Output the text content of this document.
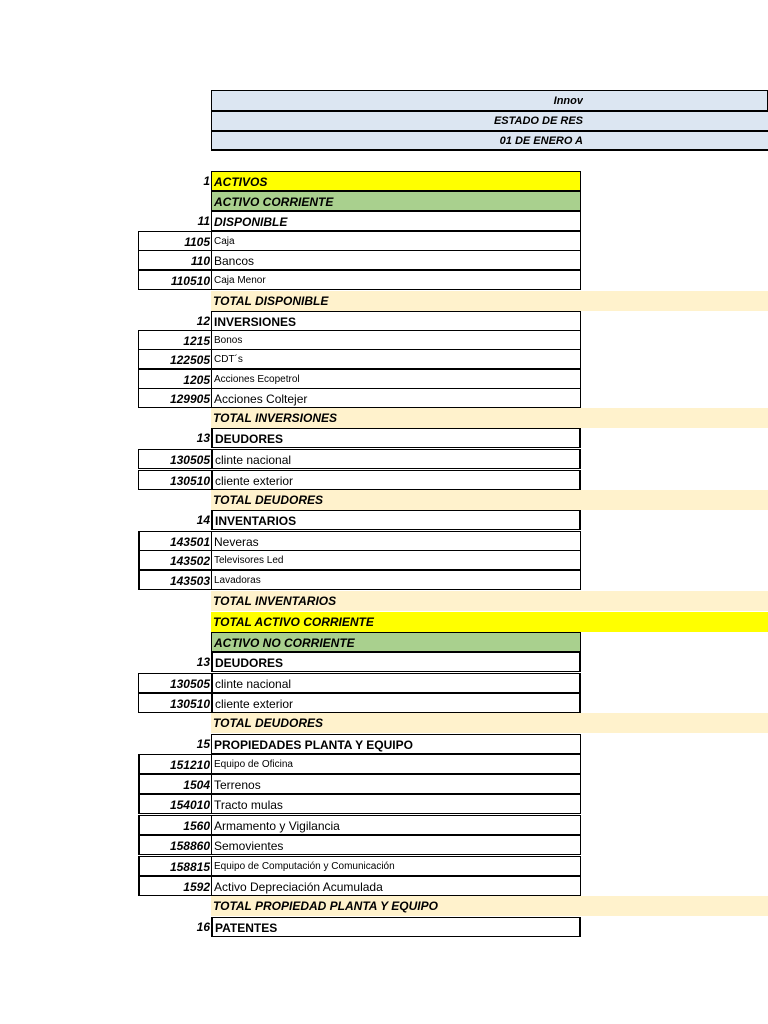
Innov
ESTADO DE RES
01 DE ENERO A
1 ACTIVOS
ACTIVO CORRIENTE
11 DISPONIBLE
1105 Caja
110 Bancos
110510 Caja Menor
TOTAL DISPONIBLE
12 INVERSIONES
1215 Bonos
122505 CDT´s
1205 Acciones Ecopetrol
129905 Acciones Coltejer
TOTAL INVERSIONES
13 DEUDORES
130505 clinte nacional
130510 cliente exterior
TOTAL DEUDORES
14 INVENTARIOS
143501 Neveras
143502 Televisores Led
143503 Lavadoras
TOTAL INVENTARIOS
TOTAL ACTIVO CORRIENTE
ACTIVO NO CORRIENTE
13 DEUDORES
130505 clinte nacional
130510 cliente exterior
TOTAL DEUDORES
15 PROPIEDADES PLANTA Y EQUIPO
151210 Equipo de Oficina
1504 Terrenos
154010 Tracto mulas
1560 Armamento y Vigilancia
158860 Semovientes
158815 Equipo de Computación y Comunicación
1592 Activo Depreciación Acumulada
TOTAL PROPIEDAD PLANTA Y EQUIPO
16 PATENTES
